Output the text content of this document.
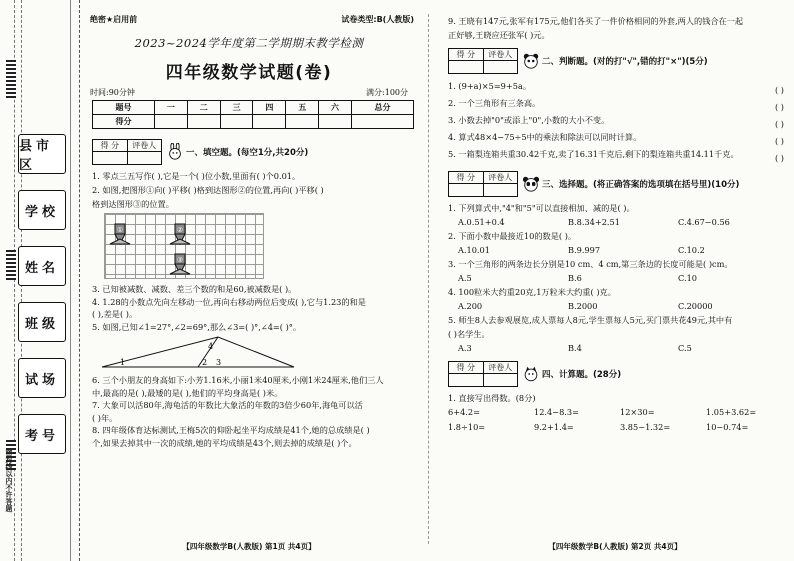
县市区
学校
姓名
班级
试场
考号
密封线以内不许答题
绝密★启用前	试卷类型:B(人教版)
2023~2024学年度第二学期期末教学检测
四年级数学试题(卷)
时间:90分钟	满分:100分
题号	一	二	三	四	五	六	总分
得分							
得 分	评卷人
一、填空题。(每空1分,共20分)
1. 零点三五写作( ),它是一个( )位小数,里面有( )个0.01。
2. 如图,把图形①向( )平移( )格到达图形②的位置,再向( )平移( )
格到达图形③的位置。
①	②
③
3. 已知被减数、减数、差三个数的和是60,被减数是( )。
4. 1.28的小数点先向左移动一位,再向右移动两位后变成( ),它与1.23的和是
( ),差是( )。
5. 如图,已知∠1=27°,∠2=69°,那么∠3=( )°,∠4=( )°。
4
1	2 3
6. 三个小朋友的身高如下:小芳1.16米,小丽1米40厘米,小刚1米24厘米,他们三人
中,最高的是( ),最矮的是( ),他们的平均身高是( )米。
7. 大象可以活80年,海龟活的年数比大象活的年数的3倍少60年,海龟可以活
( )年。
8. 四年级体育达标测试,王梅5次的仰卧起坐平均成绩是41个,她的总成绩是( )
个,如果去掉其中一次的成绩,她的平均成绩是43个,则去掉的成绩是( )个。
【四年级数学B(人教版) 第1页 共4页】
9. 王晓有147元,张军有175元,他们各买了一件价格相同的外套,两人的钱合在一起
正好够,王晓应还张军( )元。
得 分	评卷人
二、判断题。(对的打"√",错的打"×")(5分)
1. (9+a)×5=9+5a。
2. 一个三角形有三条高。
3. 小数去掉"0"或添上"0",小数的大小不变。
4. 算式48×4−75÷5中的乘法和除法可以同时计算。
5. 一箱梨连箱共重30.42千克,卖了16.31千克后,剩下的梨连箱共重14.11千克。
( )
( )
( )
( )
( )
得 分	评卷人
三、选择题。(将正确答案的选项填在括号里)(10分)
1. 下列算式中,"4"和"5"可以直接相加、减的是( )。
A.0.51+0.4	B.8.34+2.51	C.4.67−0.56
2. 下面小数中最接近10的数是( )。
A.10.01	B.9.997	C.10.2
3. 一个三角形的两条边长分别是10 cm、4 cm,第三条边的长度可能是( )cm。
A.5	B.6	C.10
4. 100粒米大约重20克,1万粒米大约重( )克。
A.200	B.2000	C.20000
5. 师生8人去参观展览,成人票每人8元,学生票每人5元,买门票共花49元,其中有
( )名学生。
A.3	B.4	C.5
得 分	评卷人
四、计算题。(28分)
1. 直接写出得数。(8分)
6+4.2=	12.4−8.3=	12×30=	1.05+3.62=
1.8÷10=	9.2+1.4=	3.85−1.32=	10−0.74=
【四年级数学B(人教版) 第2页 共4页】
